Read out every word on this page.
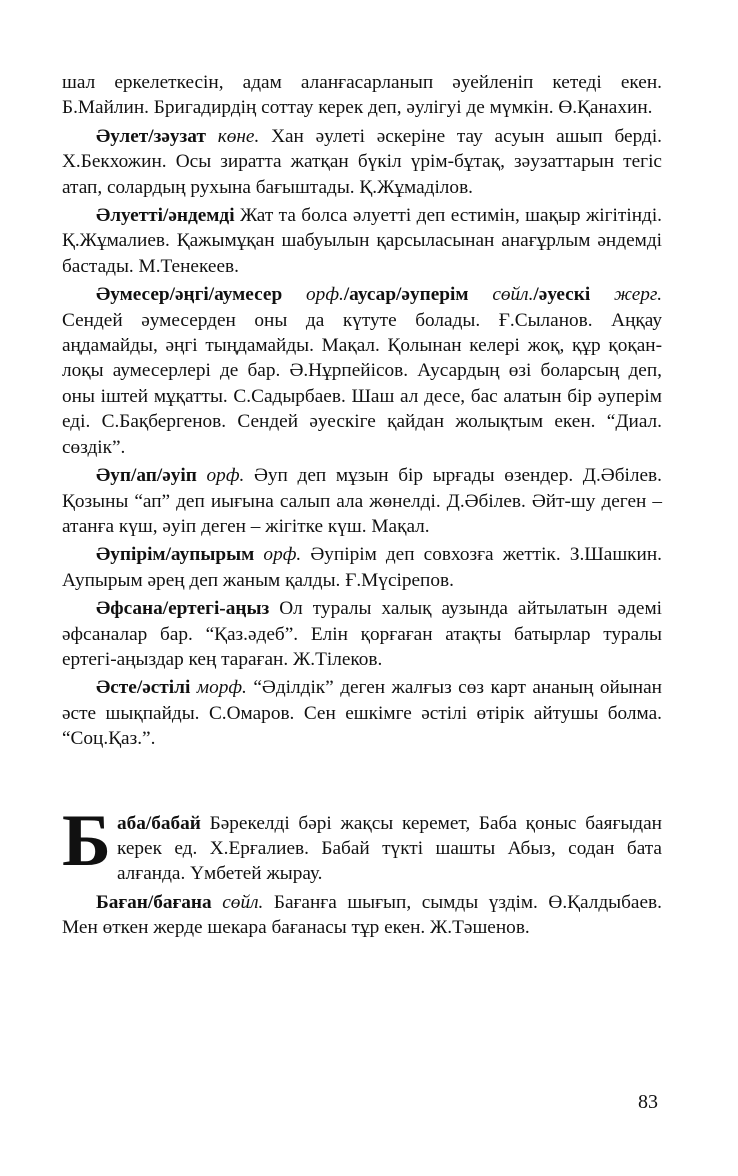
шал еркелеткесін, адам аланғасарланып әуейленіп кетеді екен. Б.Майлин. Бригадирдің соттау керек деп, әулігуі де мүмкін. Ө.Қанахин.

Әулет/зәузат көне. Хан әулеті әскеріне тау асуын ашып берді. Х.Бекхожин. Осы зиратта жатқан бүкіл үрім-бұтақ, зәузаттарын тегіс атап, солардың рухына бағыштады. Қ.Жұмаділов.

Әлуетті/әндемді Жат та болса әлуетті деп естимін, шақыр жігітінді. Қ.Жұмалиев. Қажымұқан шабуылын қарсыласынан анағұрлым әндемді бастады. М.Тенекеев.

Әумесер/әңгі/аумесер орф./аусар/әуперім сөйл./әуескі жерг. Сендей әумесерден оны да күтуте болады. Ғ.Сыланов. Аңқау аңдамайды, әңгі тыңдамайды. Мақал. Қолынан келері жоқ, құр қоқан-лоқы аумесерлері де бар. Ә.Нұрпейісов. Аусардың өзі боларсың деп, оны іштей мұқатты. С.Садырбаев. Шаш ал десе, бас алатын бір әуперім еді. С.Бақбергенов. Сендей әуескіге қайдан жолықтым екен. “Диал. сөздік”.

Әуп/ап/әуіп орф. Әуп деп мұзын бір ырғады өзендер. Д.Әбілев. Қозыны “ап” деп иығына салып ала жөнелді. Д.Әбілев. Әйт-шу деген – атанға күш, әуіп деген – жігітке күш. Мақал.

Әупірім/аупырым орф. Әупірім деп совхозға жеттік. З.Шашкин. Аупырым әрең деп жаным қалды. Ғ.Мүсірепов.

Әфсана/ертегі-аңыз Ол туралы халық аузында айтылатын әдемі әфсаналар бар. “Қаз.әдеб”. Елін қорғаған атақты батырлар туралы ертегі-аңыздар кең тараған. Ж.Тілеков.

Әсте/әстілі морф. “Әділдік” деген жалғыз сөз карт ананың ойынан әсте шықпайды. С.Омаров. Сен ешкімге әстілі өтірік айтушы болма. “Соц.Қаз.”.

Баба/бабай Бәрекелді бәрі жақсы керемет, Баба қоныс баяғыдан керек ед. Х.Ерғалиев. Бабай түкті шашты Абыз, содан бата алғанда. Үмбетей жырау.

Баған/бағана сөйл. Бағанға шығып, сымды үздім. Ө.Қалдыбаев. Мен өткен жерде шекара бағанасы тұр екен. Ж.Тәшенов.

83
